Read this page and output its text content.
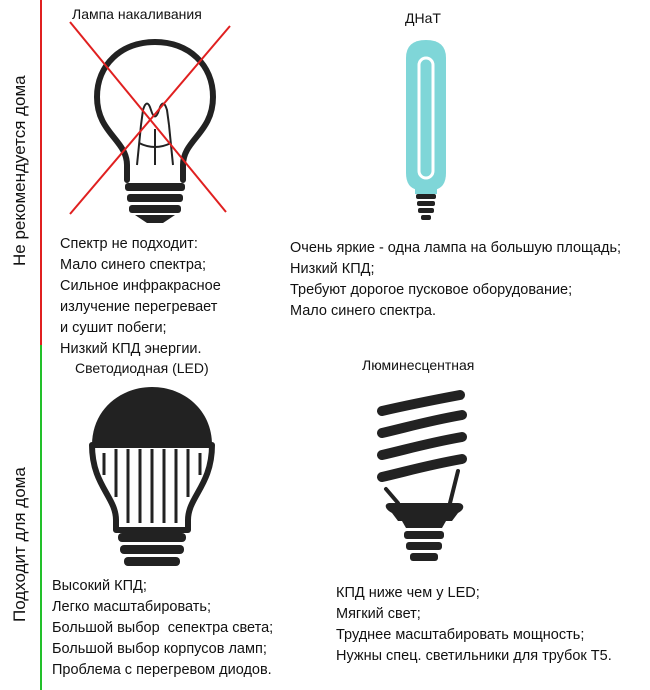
Не рекомендуется дома
Подходит для дома
Лампа накаливания
Спектр не подходит:
Мало синего спектра;
Сильное инфракрасное
излучение перегревает
и сушит побеги;
Низкий КПД энергии.
ДНаТ
Очень яркие - одна лампа на большую площадь;
Низкий КПД;
Требуют дорогое пусковое оборудование;
Мало синего спектра.
Светодиодная (LED)
Высокий КПД;
Легко масштабировать;
Большой выбор  сепектра света;
Большой выбор корпусов ламп;
Проблема с перегревом диодов.
Люминесцентная
КПД ниже чем у LED;
Мягкий свет;
Труднее масштабировать мощность;
Нужны спец. светильники для трубок Т5.
